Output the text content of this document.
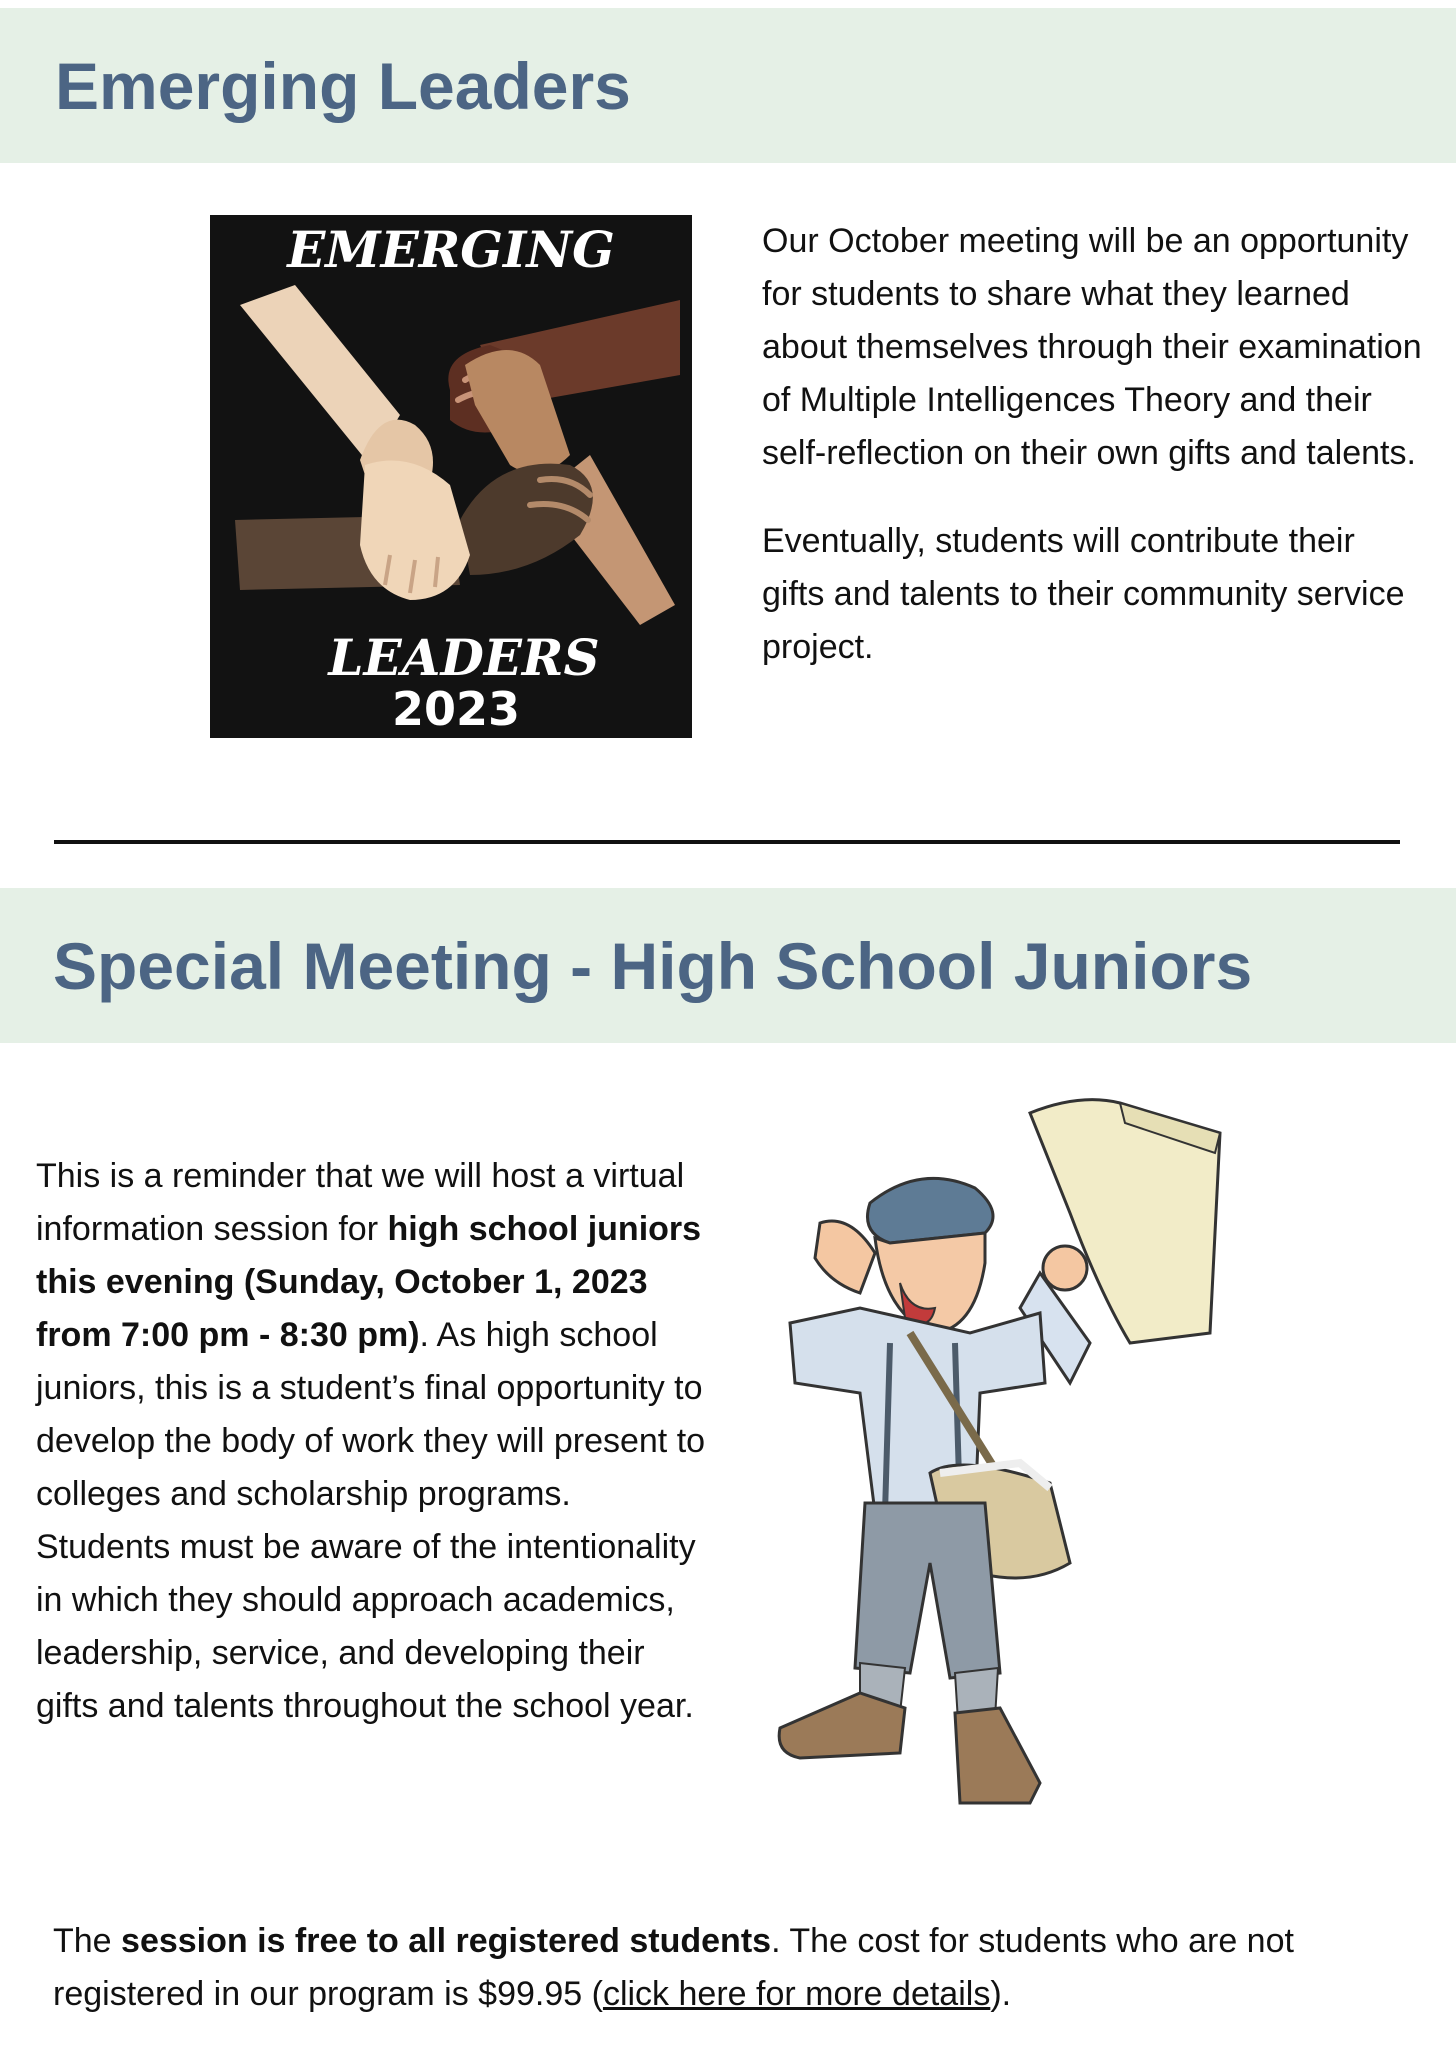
Emerging Leaders
EMERGING
LEADERS
2023

Our October meeting will be an opportunity for students to share what they learned about themselves through their examination of Multiple Intelligences Theory and their self-reflection on their own gifts and talents.

Eventually, students will contribute their gifts and talents to their community service project.

Special Meeting - High School Juniors

This is a reminder that we will host a virtual information session for high school juniors this evening (Sunday, October 1, 2023 from 7:00 pm - 8:30 pm). As high school juniors, this is a student’s final opportunity to develop the body of work they will present to colleges and scholarship programs. Students must be aware of the intentionality in which they should approach academics, leadership, service, and developing their gifts and talents throughout the school year.

The session is free to all registered students. The cost for students who are not registered in our program is $99.95 (click here for more details).
